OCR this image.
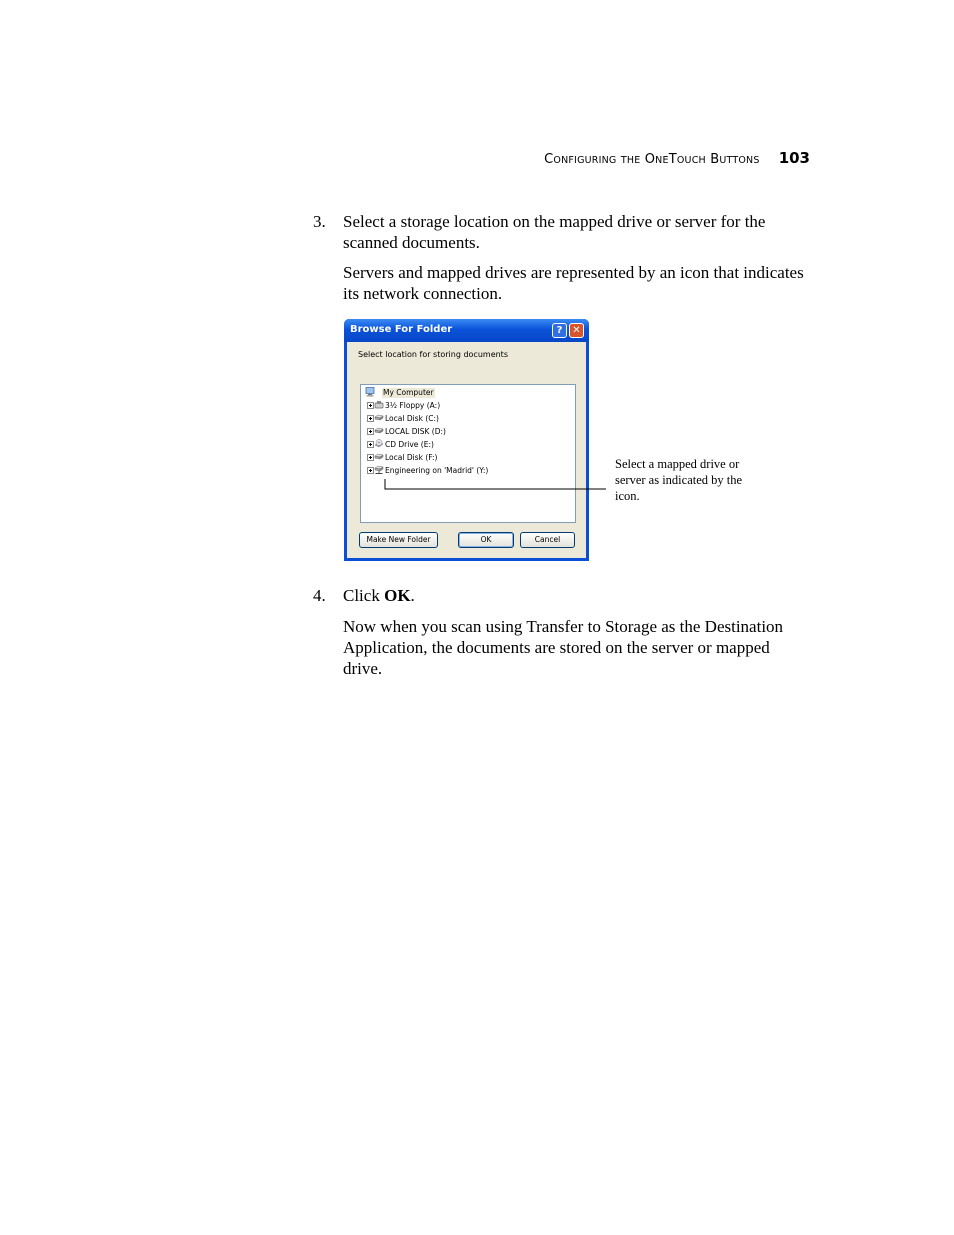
CONFIGURING THE ONETOUCH BUTTONS 103
3. Select a storage location on the mapped drive or server for the scanned documents.
Servers and mapped drives are represented by an icon that indicates its network connection.
Browse For Folder	? ✕
Select location for storing documents
My Computer
3½ Floppy (A:)
Local Disk (C:)
LOCAL DISK (D:)
CD Drive (E:)
Local Disk (F:)
Engineering on 'Madrid' (Y:)
Make New Folder	OK	Cancel
Select a mapped drive or server as indicated by the icon.
4. Click OK.
Now when you scan using Transfer to Storage as the Destination Application, the documents are stored on the server or mapped drive.
